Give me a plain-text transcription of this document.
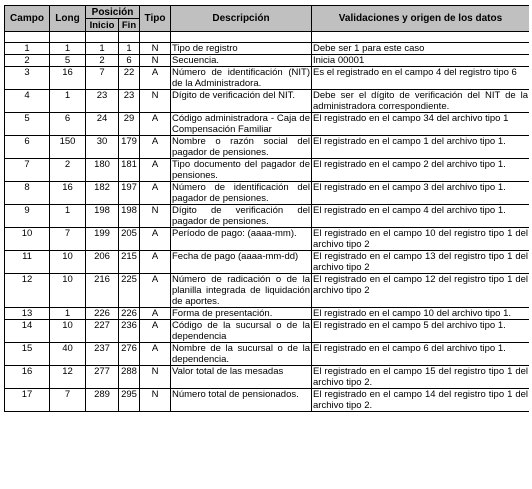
Campo	Long	Posición		Tipo	Descripción	Validaciones y origen de los datos
		Inicio	Fin			

1	1	1	1	N	Tipo de registro	Debe ser 1 para este caso
2	5	2	6	N	Secuencia.	Inicia 00001
3	16	7	22	A	Número de identificación (NIT) de la Administradora.	Es el registrado en el campo 4 del registro tipo 6
4	1	23	23	N	Dígito de verificación del NIT.	Debe ser el dígito de verificación del NIT de la administradora correspondiente.
5	6	24	29	A	Código administradora - Caja de Compensación Familiar	El registrado en el campo 34 del archivo tipo 1
6	150	30	179	A	Nombre o razón social del pagador de pensiones.	El registrado en el campo 1 del archivo tipo 1.
7	2	180	181	A	Tipo documento del pagador de pensiones.	El registrado en el campo 2 del archivo tipo 1.
8	16	182	197	A	Número de identificación del pagador de pensiones.	El registrado en el campo 3 del archivo tipo 1.
9	1	198	198	N	Dígito de verificación del pagador de pensiones.	El registrado en el campo 4 del archivo tipo 1.
10	7	199	205	A	Período de pago: (aaaa-mm).	El registrado en el campo 10 del registro tipo 1 del archivo tipo 2
11	10	206	215	A	Fecha de pago (aaaa-mm-dd)	El registrado en el campo 13 del registro tipo 1 del archivo tipo 2
12	10	216	225	A	Número de radicación o de la planilla integrada de liquidación de aportes.	El registrado en el campo 12 del registro tipo 1 del archivo tipo 2
13	1	226	226	A	Forma de presentación.	El registrado en el campo 10 del archivo tipo 1.
14	10	227	236	A	Código de la sucursal o de la dependencia	El registrado en el campo 5 del archivo tipo 1.
15	40	237	276	A	Nombre de la sucursal o de la dependencia.	El registrado en el campo 6 del archivo tipo 1.
16	12	277	288	N	Valor total de las mesadas	El registrado en el campo 15 del registro tipo 1 del archivo tipo 2.
17	7	289	295	N	Número total de pensionados.	El registrado en el campo 14 del registro tipo 1 del archivo tipo 2.
